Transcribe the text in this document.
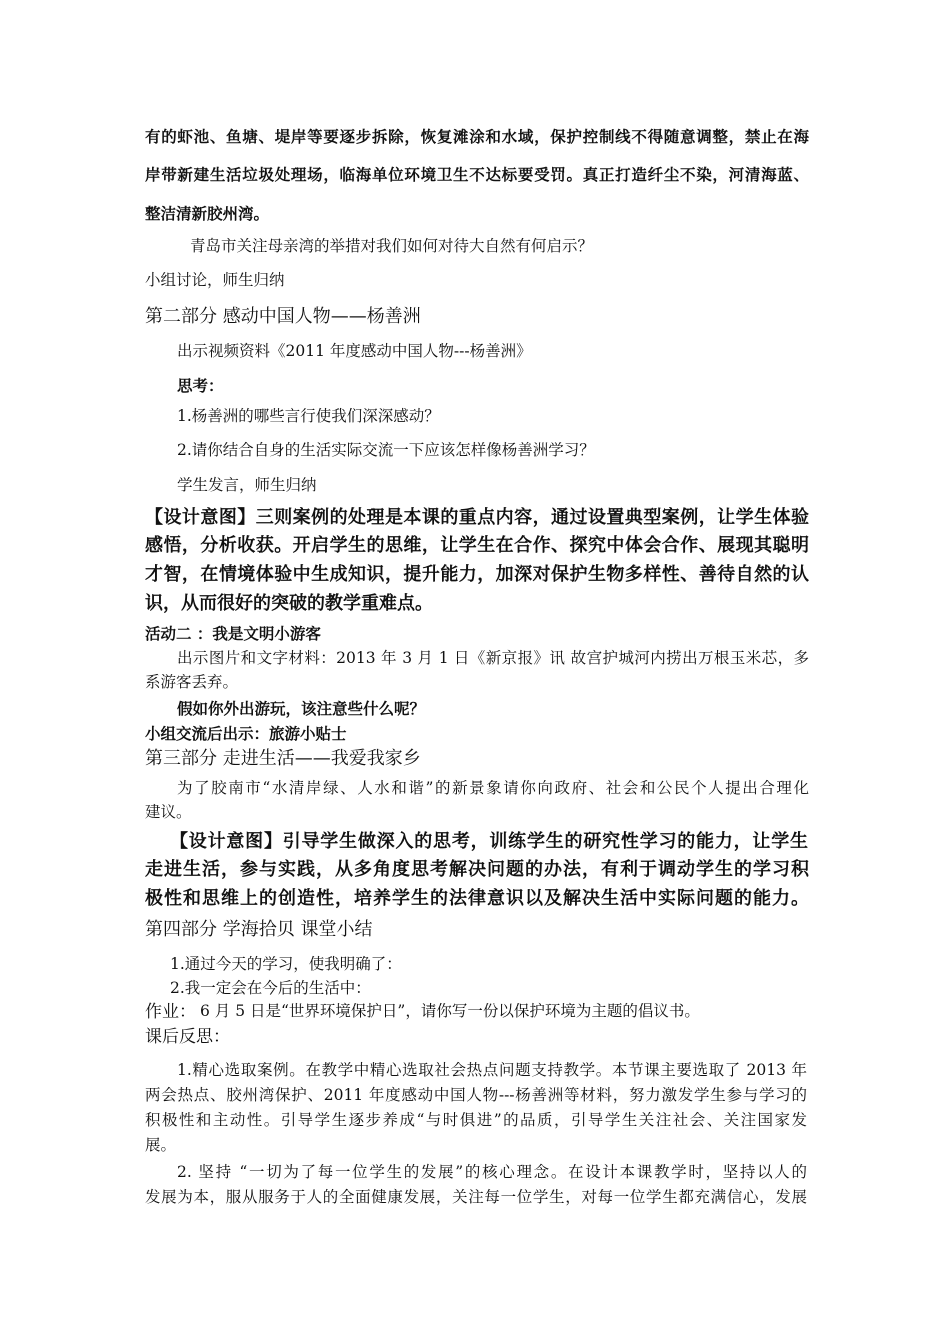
有的虾池、鱼塘、堤岸等要逐步拆除，恢复滩涂和水域，保护控制线不得随意调整，禁止在海
岸带新建生活垃圾处理场，临海单位环境卫生不达标要受罚。真正打造纤尘不染，河清海蓝、
整洁清新胶州湾。
青岛市关注母亲湾的举措对我们如何对待大自然有何启示？
小组讨论，师生归纳
第二部分 感动中国人物——杨善洲
出示视频资料《2011 年度感动中国人物---杨善洲》
思考：
1.杨善洲的哪些言行使我们深深感动？
2.请你结合自身的生活实际交流一下应该怎样像杨善洲学习？
学生发言，师生归纳
【设计意图】三则案例的处理是本课的重点内容，通过设置典型案例，让学生体验
感悟，分析收获。开启学生的思维，让学生在合作、探究中体会合作、展现其聪明
才智，在情境体验中生成知识，提升能力，加深对保护生物多样性、善待自然的认
识，从而很好的突破的教学重难点。
活动二 ：我是文明小游客
出示图片和文字材料：2013 年 3 月 1 日《新京报》讯 故宫护城河内捞出万根玉米芯，多
系游客丢弃。
假如你外出游玩，该注意些什么呢？
小组交流后出示：旅游小贴士
第三部分 走进生活——我爱我家乡
为了胶南市“水清岸绿、人水和谐”的新景象请你向政府、社会和公民个人提出合理化
建议。
【设计意图】引导学生做深入的思考，训练学生的研究性学习的能力，让学生
走进生活，参与实践，从多角度思考解决问题的办法，有利于调动学生的学习积
极性和思维上的创造性，培养学生的法律意识以及解决生活中实际问题的能力。
第四部分 学海拾贝 课堂小结
1.通过今天的学习，使我明确了：
2.我一定会在今后的生活中：
作业： 6 月 5 日是“世界环境保护日”，请你写一份以保护环境为主题的倡议书。
课后反思：
1.精心选取案例。在教学中精心选取社会热点问题支持教学。本节课主要选取了 2013 年
两会热点、胶州湾保护、2011 年度感动中国人物---杨善洲等材料，努力激发学生参与学习的
积极性和主动性。引导学生逐步养成“与时俱进”的品质，引导学生关注社会、关注国家发
展。
2. 坚持 “一切为了每一位学生的发展”的核心理念。在设计本课教学时，坚持以人的
发展为本，服从服务于人的全面健康发展，关注每一位学生，对每一位学生都充满信心，发展
